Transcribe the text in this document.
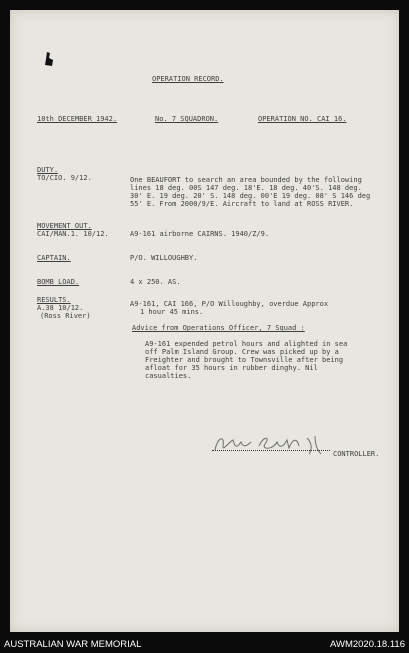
OPERATION RECORD.
10th DECEMBER 1942.	No. 7 SQUADRON.	OPERATION NO. CAI 16.
DUTY.
TO/CIO. 9/12.	One BEAUFORT to search an area bounded by the following
lines 18 deg. 00S 147 deg. 18'E. 18 deg. 40'S. 148 deg.
30' E. 19 deg. 20' S. 148 deg. 00'E 19 deg. 08' S 146 deg
55' E. From 2000/9/E. Aircraft to land at ROSS RIVER.
MOVEMENT OUT.
CAI/MAN.1. 10/12.	A9-161 airborne CAIRNS. 1940/Z/9.
CAPTAIN.	P/O. WILLOUGHBY.
BOMB LOAD.	4 x 250. AS.
RESULTS.
A.38 10/12.
(Ross River)
A9-161, CAI 166, P/O Willoughby, overdue Approx
1 hour 45 mins.
Advice from Operations Officer, 7 Squad :
A9-161 expended petrol hours and alighted in sea
off Palm Island Group. Crew was picked up by a
Freighter and brought to Townsville after being
afloat for 35 hours in rubber dinghy. Nil
casualties.
CONTROLLER.
AUSTRALIAN WAR MEMORIAL	AWM2020.18.116
